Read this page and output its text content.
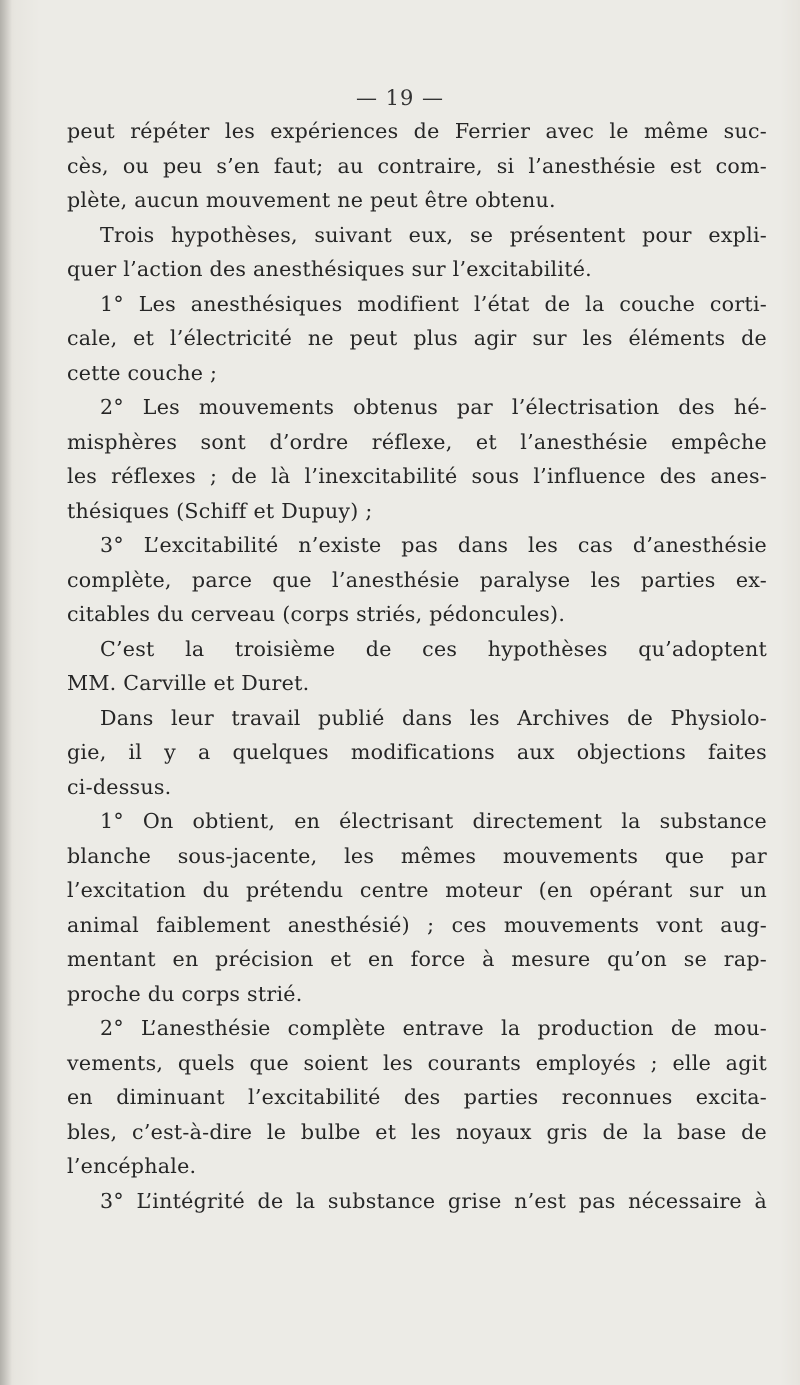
— 19 —
peut répéter les expériences de Ferrier avec le même suc-
cès, ou peu s’en faut; au contraire, si l’anesthésie est com-
plète, aucun mouvement ne peut être obtenu.
Trois hypothèses, suivant eux, se présentent pour expli-
quer l’action des anesthésiques sur l’excitabilité.
1° Les anesthésiques modifient l’état de la couche corti-
cale, et l’électricité ne peut plus agir sur les éléments de
cette couche ;
2° Les mouvements obtenus par l’électrisation des hé-
misphères sont d’ordre réflexe, et l’anesthésie empêche
les réflexes ; de là l’inexcitabilité sous l’influence des anes-
thésiques (Schiff et Dupuy) ;
3° L’excitabilité n’existe pas dans les cas d’anesthésie
complète, parce que l’anesthésie paralyse les parties ex-
citables du cerveau (corps striés, pédoncules).
C’est la troisième de ces hypothèses qu’adoptent
MM. Carville et Duret.
Dans leur travail publié dans les Archives de Physiolo-
gie, il y a quelques modifications aux objections faites
ci-dessus.
1° On obtient, en électrisant directement la substance
blanche sous-jacente, les mêmes mouvements que par
l’excitation du prétendu centre moteur (en opérant sur un
animal faiblement anesthésié) ; ces mouvements vont aug-
mentant en précision et en force à mesure qu’on se rap-
proche du corps strié.
2° L’anesthésie complète entrave la production de mou-
vements, quels que soient les courants employés ; elle agit
en diminuant l’excitabilité des parties reconnues excita-
bles, c’est-à-dire le bulbe et les noyaux gris de la base de
l’encéphale.
3° L’intégrité de la substance grise n’est pas nécessaire à
